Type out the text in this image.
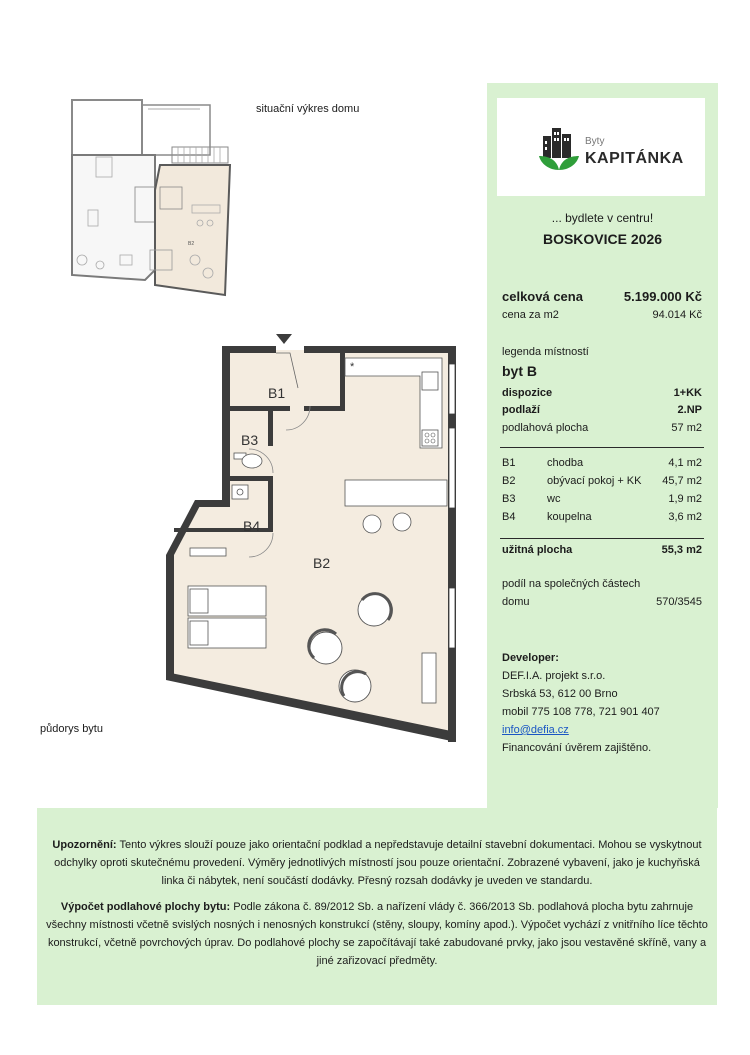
situační výkres domu
půdorys bytu
B2
*
B1
B3
B4
B2
Byty
KAPITÁNKA
... bydlete v centru!
BOSKOVICE 2026
celková cena	5.199.000 Kč
cena za m2	94.014 Kč
legenda místností
byt B
dispozice	1+KK
podlaží	2.NP
podlahová plocha	57 m2
B1	chodba	4,1 m2
B2	obývací pokoj + KK	45,7 m2
B3	wc	1,9 m2
B4	koupelna	3,6 m2
užitná plocha	55,3 m2
podíl na společných částech
domu	570/3545
Developer:
DEF.I.A. projekt s.r.o.
Srbská 53, 612 00 Brno
mobil 775 108 778, 721 901 407
info@defia.cz
Financování úvěrem zajištěno.

Upozornění: Tento výkres slouží pouze jako orientační podklad a nepředstavuje detailní stavební dokumentaci. Mohou se vyskytnout odchylky oproti skutečnému provedení. Výměry jednotlivých místností jsou pouze orientační. Zobrazené vybavení, jako je kuchyňská linka či nábytek, není součástí dodávky. Přesný rozsah dodávky je uveden ve standardu.

Výpočet podlahové plochy bytu: Podle zákona č. 89/2012 Sb. a nařízení vlády č. 366/2013 Sb. podlahová plocha bytu zahrnuje všechny místnosti včetně svislých nosných i nenosných konstrukcí (stěny, sloupy, komíny apod.). Výpočet vychází z vnitřního líce těchto konstrukcí, včetně povrchových úprav. Do podlahové plochy se započítávají také zabudované prvky, jako jsou vestavěné skříně, vany a jiné zařizovací předměty.
